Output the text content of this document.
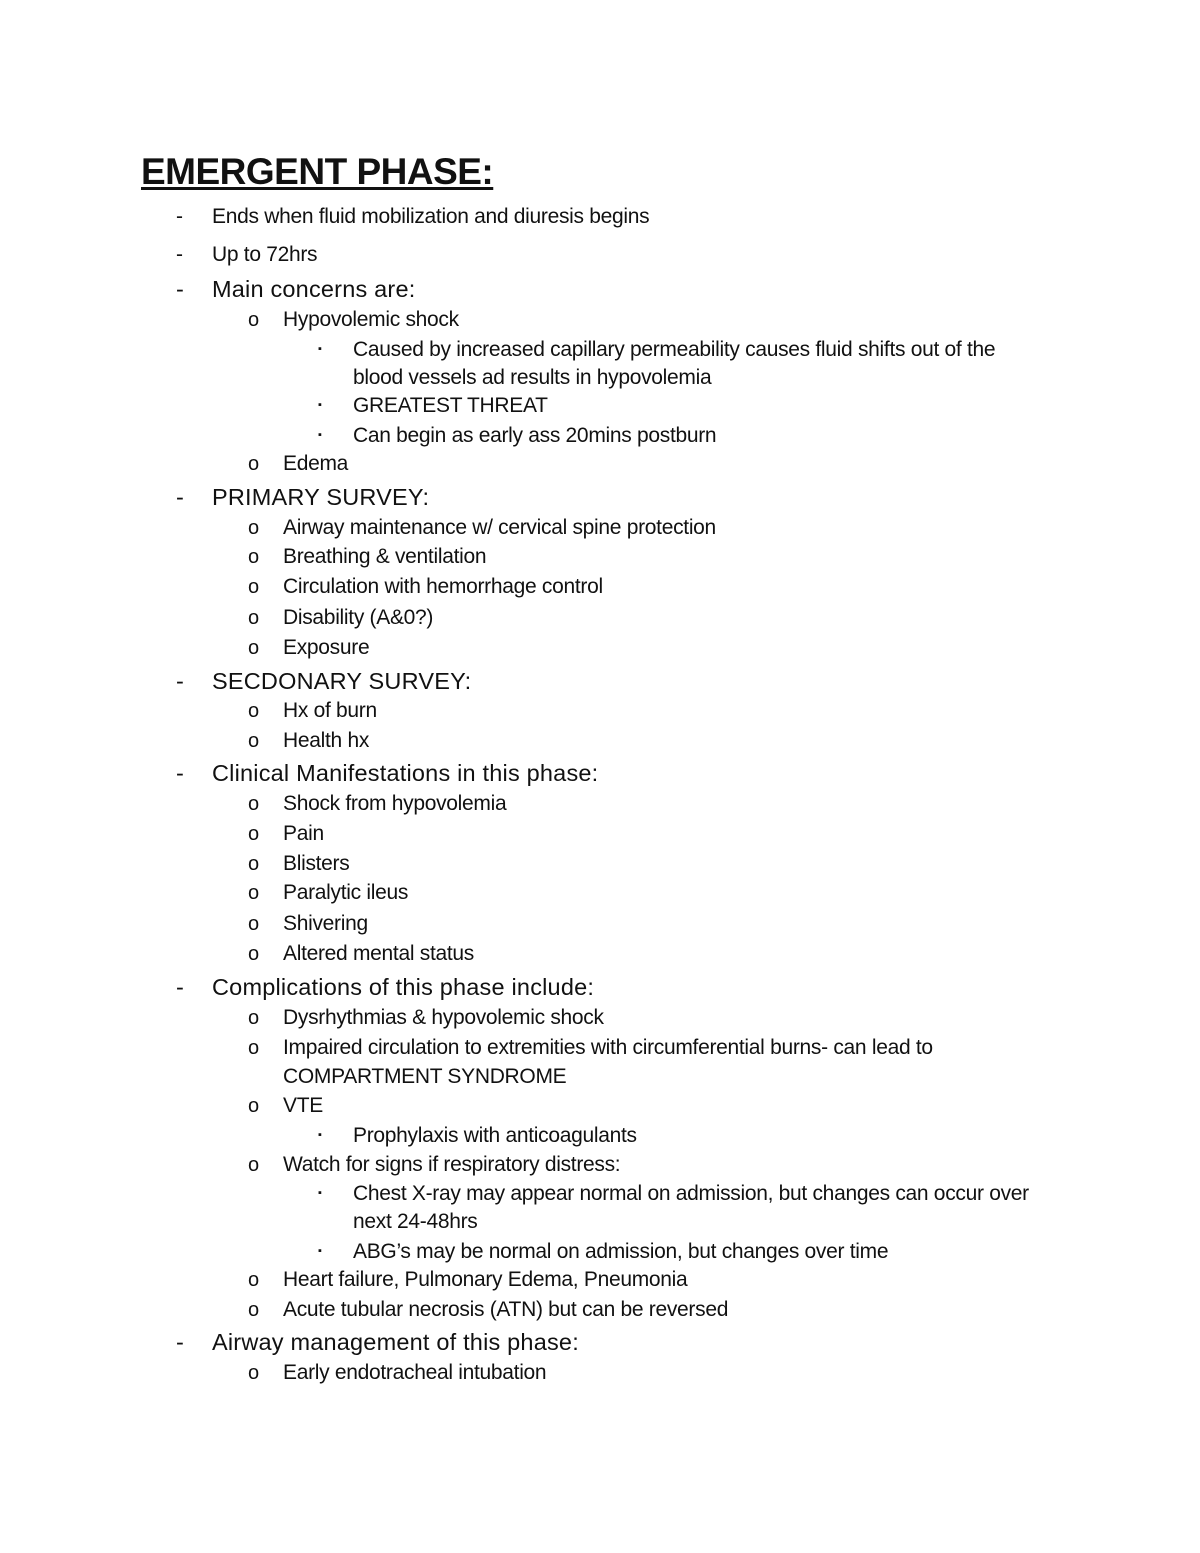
EMERGENT PHASE:
- Ends when fluid mobilization and diuresis begins
- Up to 72hrs
- Main concerns are:
o Hypovolemic shock
▪ Caused by increased capillary permeability causes fluid shifts out of the
blood vessels ad results in hypovolemia
▪ GREATEST THREAT
▪ Can begin as early ass 20mins postburn
o Edema
- PRIMARY SURVEY:
o Airway maintenance w/ cervical spine protection
o Breathing & ventilation
o Circulation with hemorrhage control
o Disability (A&0?)
o Exposure
- SECDONARY SURVEY:
o Hx of burn
o Health hx
- Clinical Manifestations in this phase:
o Shock from hypovolemia
o Pain
o Blisters
o Paralytic ileus
o Shivering
o Altered mental status
- Complications of this phase include:
o Dysrhythmias & hypovolemic shock
o Impaired circulation to extremities with circumferential burns- can lead to
COMPARTMENT SYNDROME
o VTE
▪ Prophylaxis with anticoagulants
o Watch for signs if respiratory distress:
▪ Chest X-ray may appear normal on admission, but changes can occur over
next 24-48hrs
▪ ABG’s may be normal on admission, but changes over time
o Heart failure, Pulmonary Edema, Pneumonia
o Acute tubular necrosis (ATN) but can be reversed
- Airway management of this phase:
o Early endotracheal intubation
